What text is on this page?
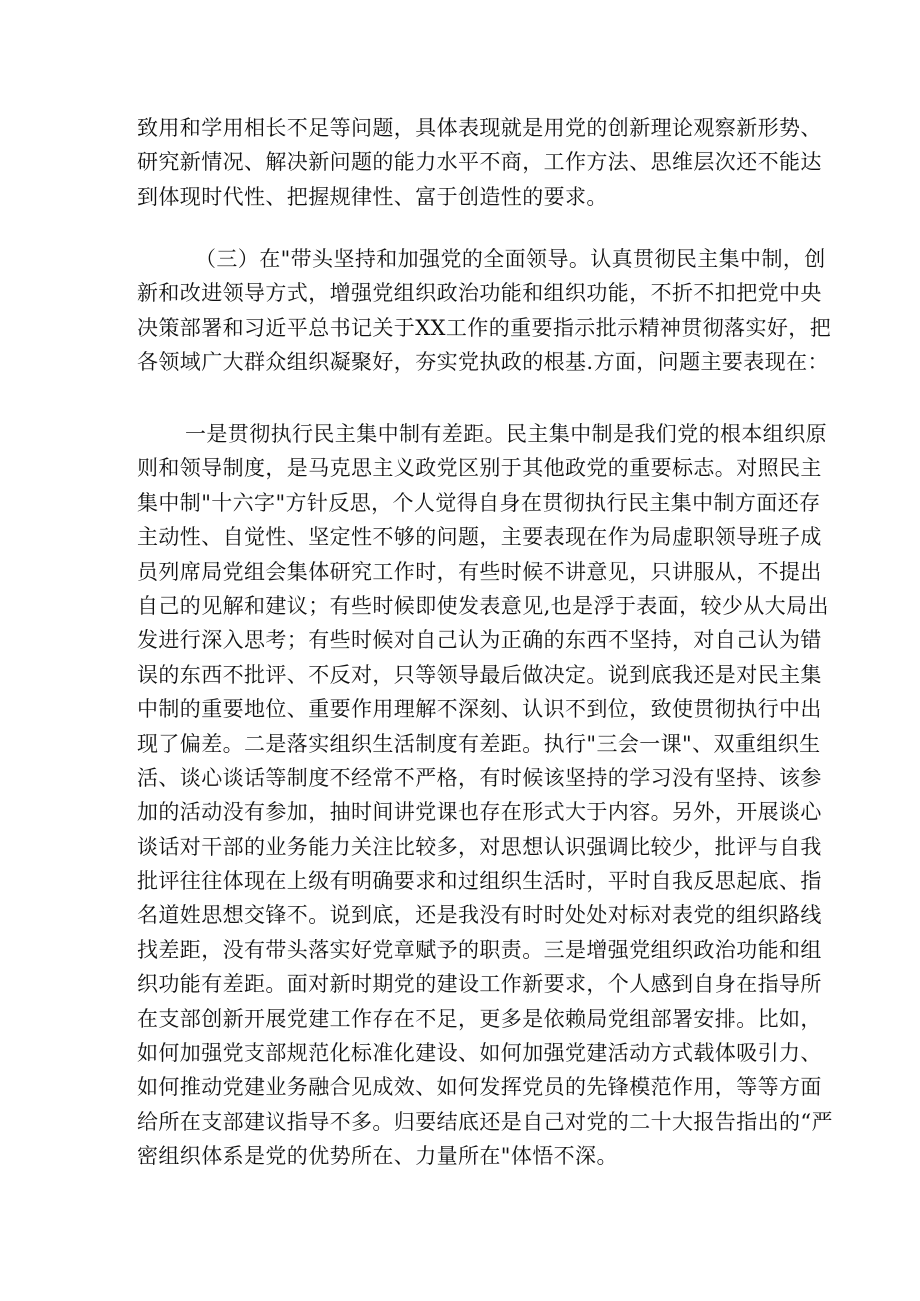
致用和学用相长不足等问题，具体表现就是用党的创新理论观察新形势、
研究新情况、解决新问题的能力水平不商，工作方法、思维层次还不能达
到体现时代性、把握规律性、富于创造性的要求。
（三）在"带头坚持和加强党的全面领导。认真贯彻民主集中制，创
新和改进领导方式，增强党组织政治功能和组织功能，不折不扣把党中央
决策部署和习近平总书记关于XX工作的重要指示批示精神贯彻落实好，把
各领域广大群众组织凝聚好，夯实党执政的根基.方面，问题主要表现在：
一是贯彻执行民主集中制有差距。民主集中制是我们党的根本组织原
则和领导制度，是马克思主义政党区别于其他政党的重要标志。对照民主
集中制"十六字"方针反思，个人觉得自身在贯彻执行民主集中制方面还存
主动性、自觉性、坚定性不够的问题，主要表现在作为局虚职领导班子成
员列席局党组会集体研究工作时，有些时候不讲意见，只讲服从，不提出
自己的见解和建议；有些时候即使发表意见,也是浮于表面，较少从大局出
发进行深入思考；有些时候对自己认为正确的东西不坚持，对自己认为错
误的东西不批评、不反对，只等领导最后做决定。说到底我还是对民主集
中制的重要地位、重要作用理解不深刻、认识不到位，致使贯彻执行中出
现了偏差。二是落实组织生活制度有差距。执行"三会一课"、双重组织生
活、谈心谈话等制度不经常不严格，有时候该坚持的学习没有坚持、该参
加的活动没有参加，抽时间讲党课也存在形式大于内容。另外，开展谈心
谈话对干部的业务能力关注比较多，对思想认识强调比较少，批评与自我
批评往往体现在上级有明确要求和过组织生活时，平时自我反思起底、指
名道姓思想交锋不。说到底，还是我没有时时处处对标对表党的组织路线
找差距，没有带头落实好党章赋予的职责。三是增强党组织政治功能和组
织功能有差距。面对新时期党的建设工作新要求，个人感到自身在指导所
在支部创新开展党建工作存在不足，更多是依赖局党组部署安排。比如，
如何加强党支部规范化标准化建设、如何加强党建活动方式载体吸引力、
如何推动党建业务融合见成效、如何发挥党员的先锋模范作用，等等方面
给所在支部建议指导不多。归要结底还是自己对党的二十大报告指出的“严
密组织体系是党的优势所在、力量所在"体悟不深。
